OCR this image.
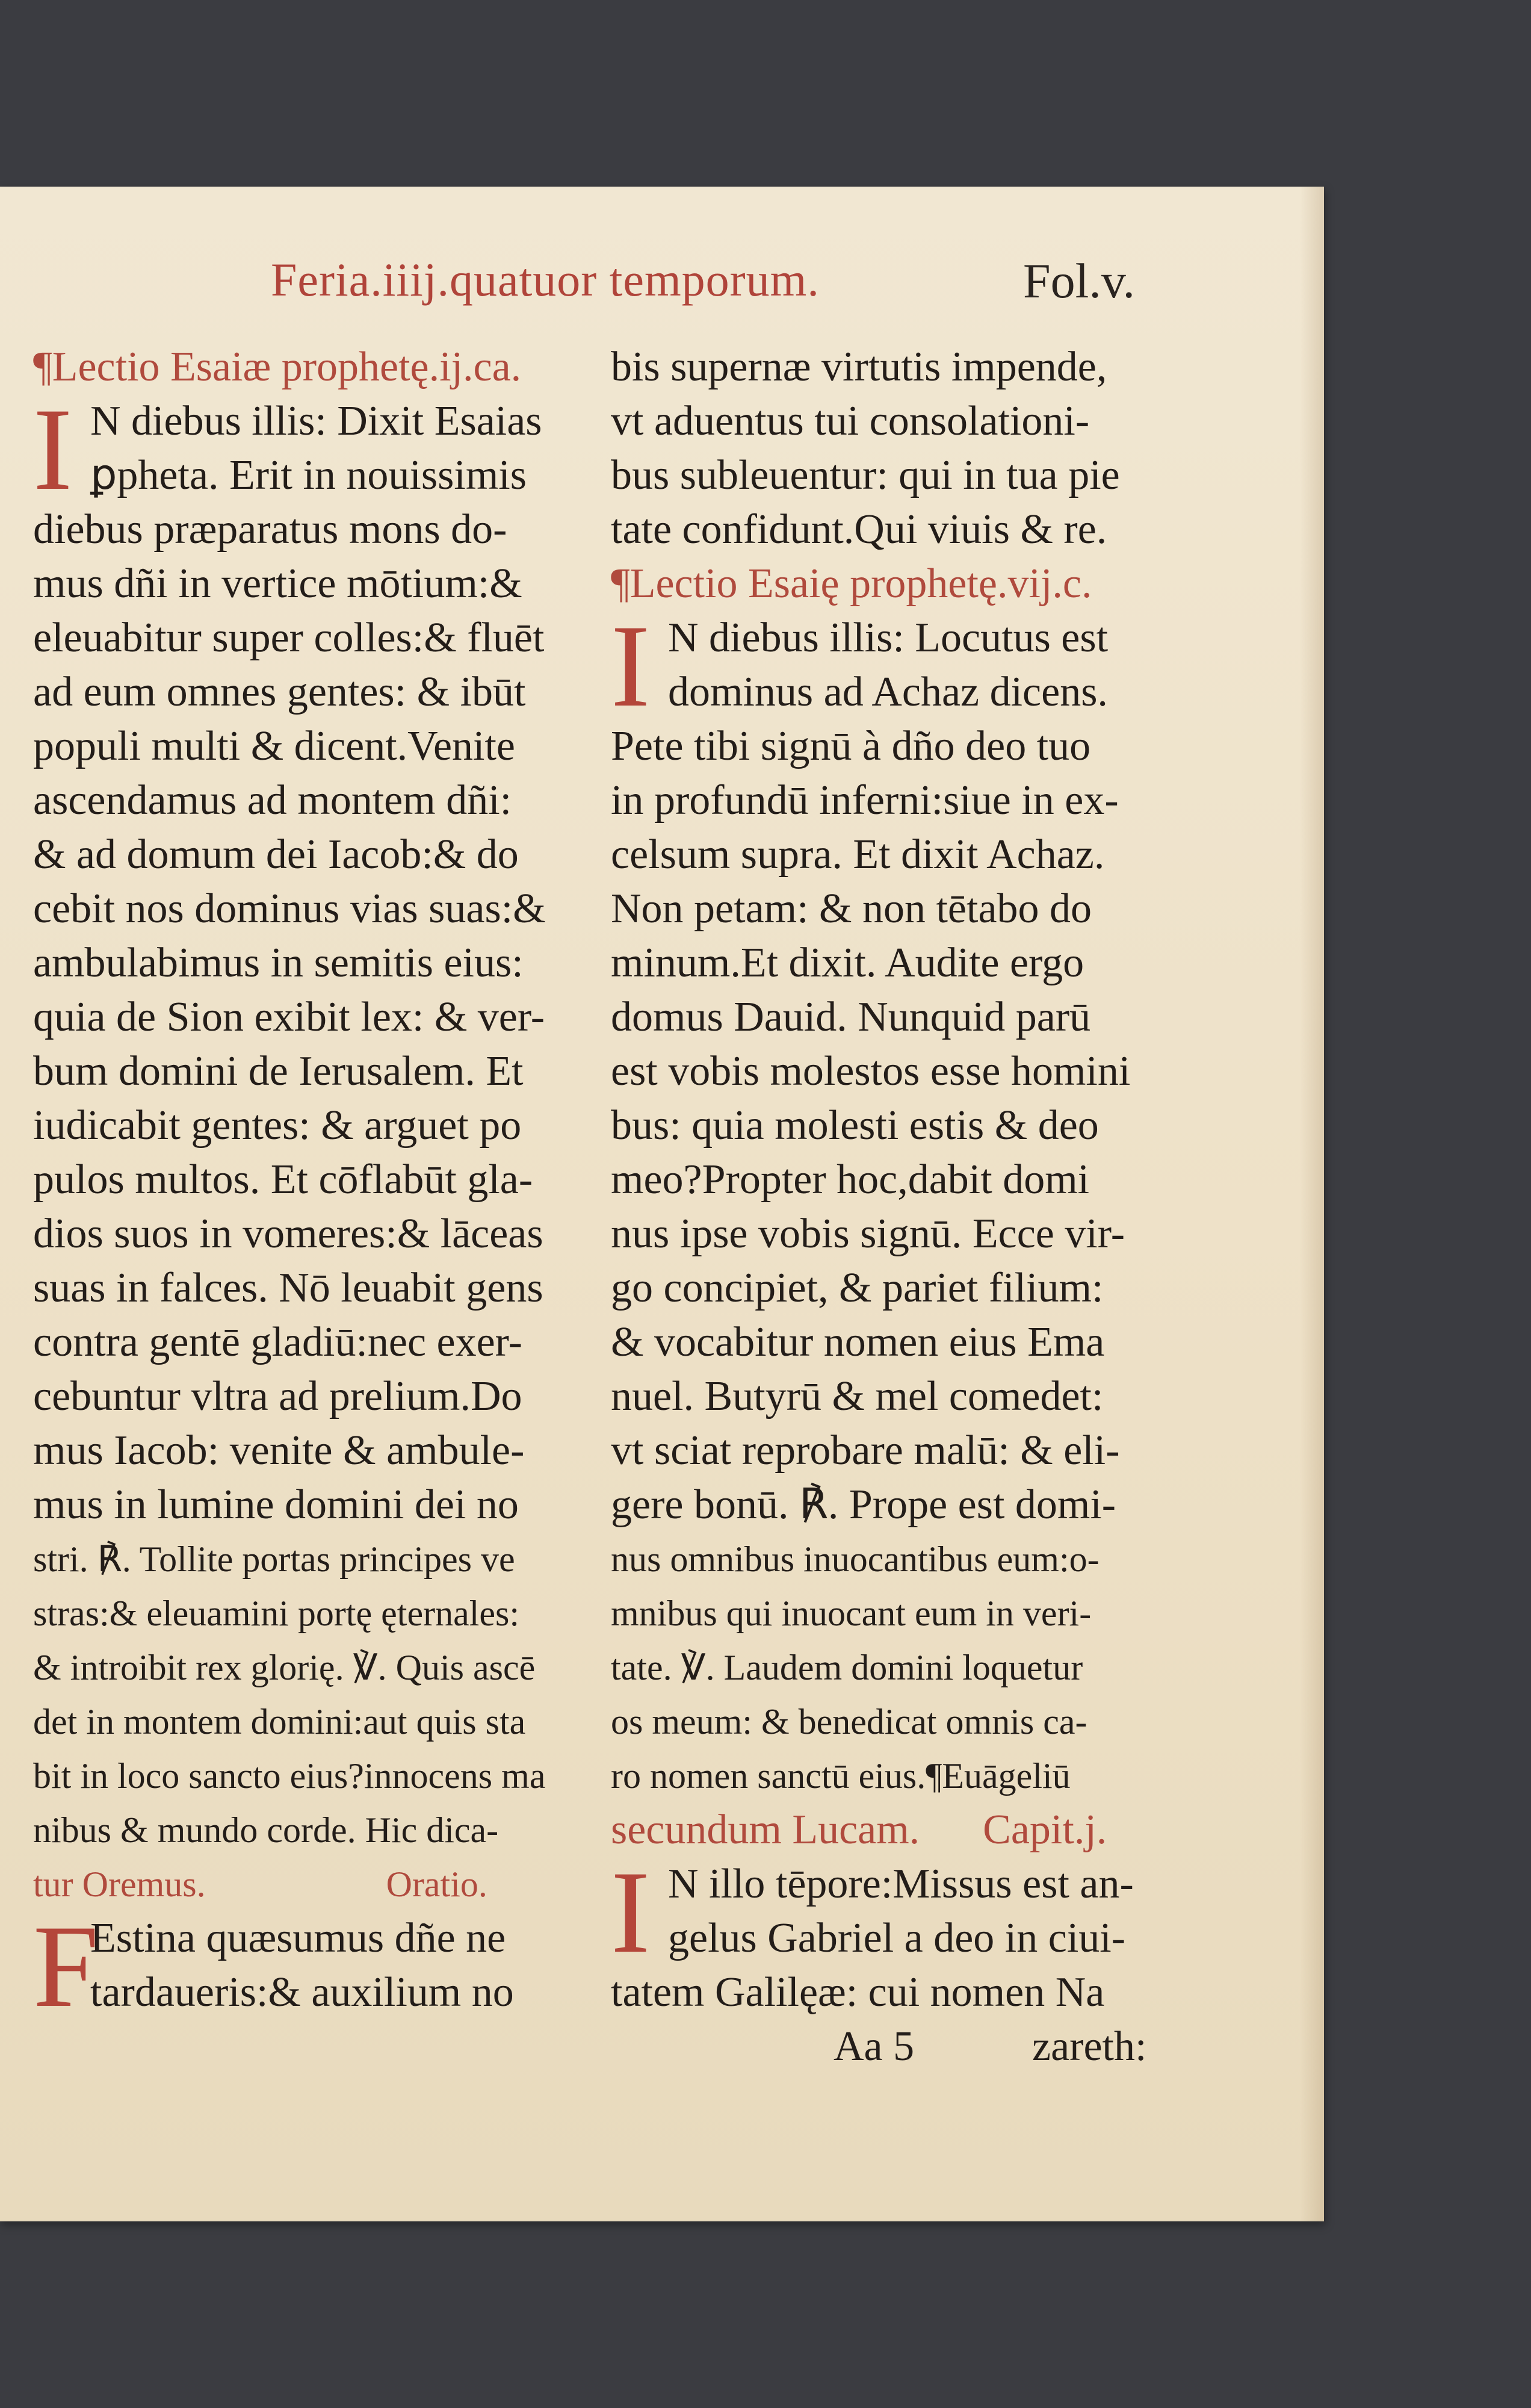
Feria.iiij.quatuor temporum.	Fol.v.
¶Lectio Esaiæ prophetę.ij.ca.
I N diebus illis: Dixit Esaias
ꝑpheta. Erit in nouissimis
diebus præparatus mons do-
mus dñi in vertice mōtium:&
eleuabitur super colles:& fluēt
ad eum omnes gentes: & ibūt
populi multi & dicent.Venite
ascendamus ad montem dñi:
& ad domum dei Iacob:& do
cebit nos dominus vias suas:&
ambulabimus in semitis eius:
quia de Sion exibit lex: & ver-
bum domini de Ierusalem. Et
iudicabit gentes: & arguet po
pulos multos. Et cōflabūt gla-
dios suos in vomeres:& lāceas
suas in falces. Nō leuabit gens
contra gentē gladiū:nec exer-
cebuntur vltra ad prelium.Do
mus Iacob: venite & ambule-
mus in lumine domini dei no
stri. ℟. Tollite portas principes ve
stras:& eleuamini portę ęternales:
& introibit rex glorię. ℣. Quis ascē
det in montem domini:aut quis sta
bit in loco sancto eius?innocens ma
nibus & mundo corde. Hic dica-
tur Oremus.                    Oratio.
F
Estina quæsumus dñe ne
tardaueris:& auxilium no
bis supernæ virtutis impende,
vt aduentus tui consolationi-
bus subleuentur: qui in tua pie
tate confidunt.Qui viuis & re.
¶Lectio Esaię prophetę.vij.c.
I N diebus illis: Locutus est
dominus ad Achaz dicens.
Pete tibi signū à dño deo tuo
in profundū inferni:siue in ex-
celsum supra. Et dixit Achaz.
Non petam: & non tētabo do
minum.Et dixit. Audite ergo
domus Dauid. Nunquid parū
est vobis molestos esse homini
bus: quia molesti estis & deo
meo?Propter hoc,dabit domi
nus ipse vobis signū. Ecce vir-
go concipiet, & pariet filium:
& vocabitur nomen eius Ema
nuel. Butyrū & mel comedet:
vt sciat reprobare malū: & eli-
gere bonū. ℟. Prope est domi-
nus omnibus inuocantibus eum:o-
mnibus qui inuocant eum in veri-
tate. ℣. Laudem domini loquetur
os meum: & benedicat omnis ca-
ro nomen sanctū eius.¶Euāgeliū
secundum Lucam.      Capit.j.
I N illo tēpore:Missus est an-
gelus Gabriel a deo in ciui-
tatem Galilęæ: cui nomen Na
Aa 5	zareth:
